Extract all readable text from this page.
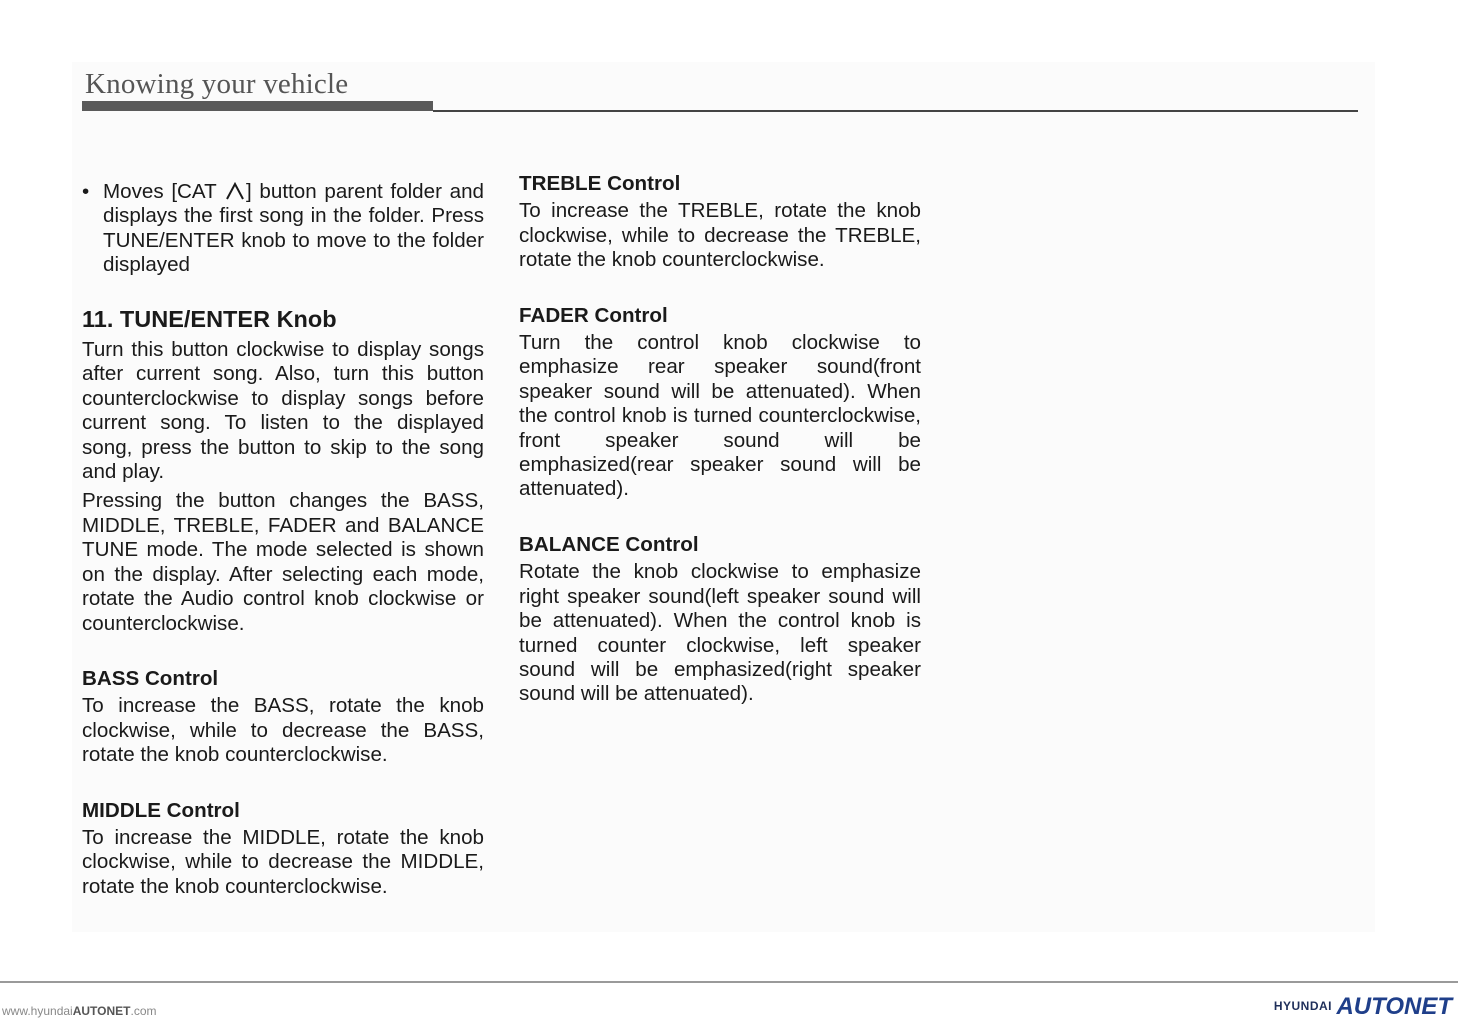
Knowing your vehicle

• Moves [CAT ] button parent folder and displays the first song in the folder. Press TUNE/ENTER knob to move to the folder displayed

11. TUNE/ENTER Knob

Turn this button clockwise to display songs after current song. Also, turn this button counterclockwise to display songs before current song. To listen to the displayed song, press the button to skip to the song and play.

Pressing the button changes the BASS, MIDDLE, TREBLE, FADER and BALANCE TUNE mode. The mode selected is shown on the display. After selecting each mode, rotate the Audio control knob clockwise or counterclockwise.

BASS Control

To increase the BASS, rotate the knob clockwise, while to decrease the BASS, rotate the knob counterclockwise.

MIDDLE Control

To increase the MIDDLE, rotate the knob clockwise, while to decrease the MIDDLE, rotate the knob counterclockwise.

TREBLE Control

To increase the TREBLE, rotate the knob clockwise, while to decrease the TREBLE, rotate the knob counterclockwise.

FADER Control

Turn the control knob clockwise to emphasize rear speaker sound(front speaker sound will be attenuated). When the control knob is turned counterclockwise, front speaker sound will be emphasized(rear speaker sound will be attenuated).

BALANCE Control

Rotate the knob clockwise to emphasize right speaker sound(left speaker sound will be attenuated). When the control knob is turned counter clockwise, left speaker sound will be emphasized(right speaker sound will be attenuated).

www.hyundaiAUTONET.com	$^{HYUNDAI}$ AUTONET
